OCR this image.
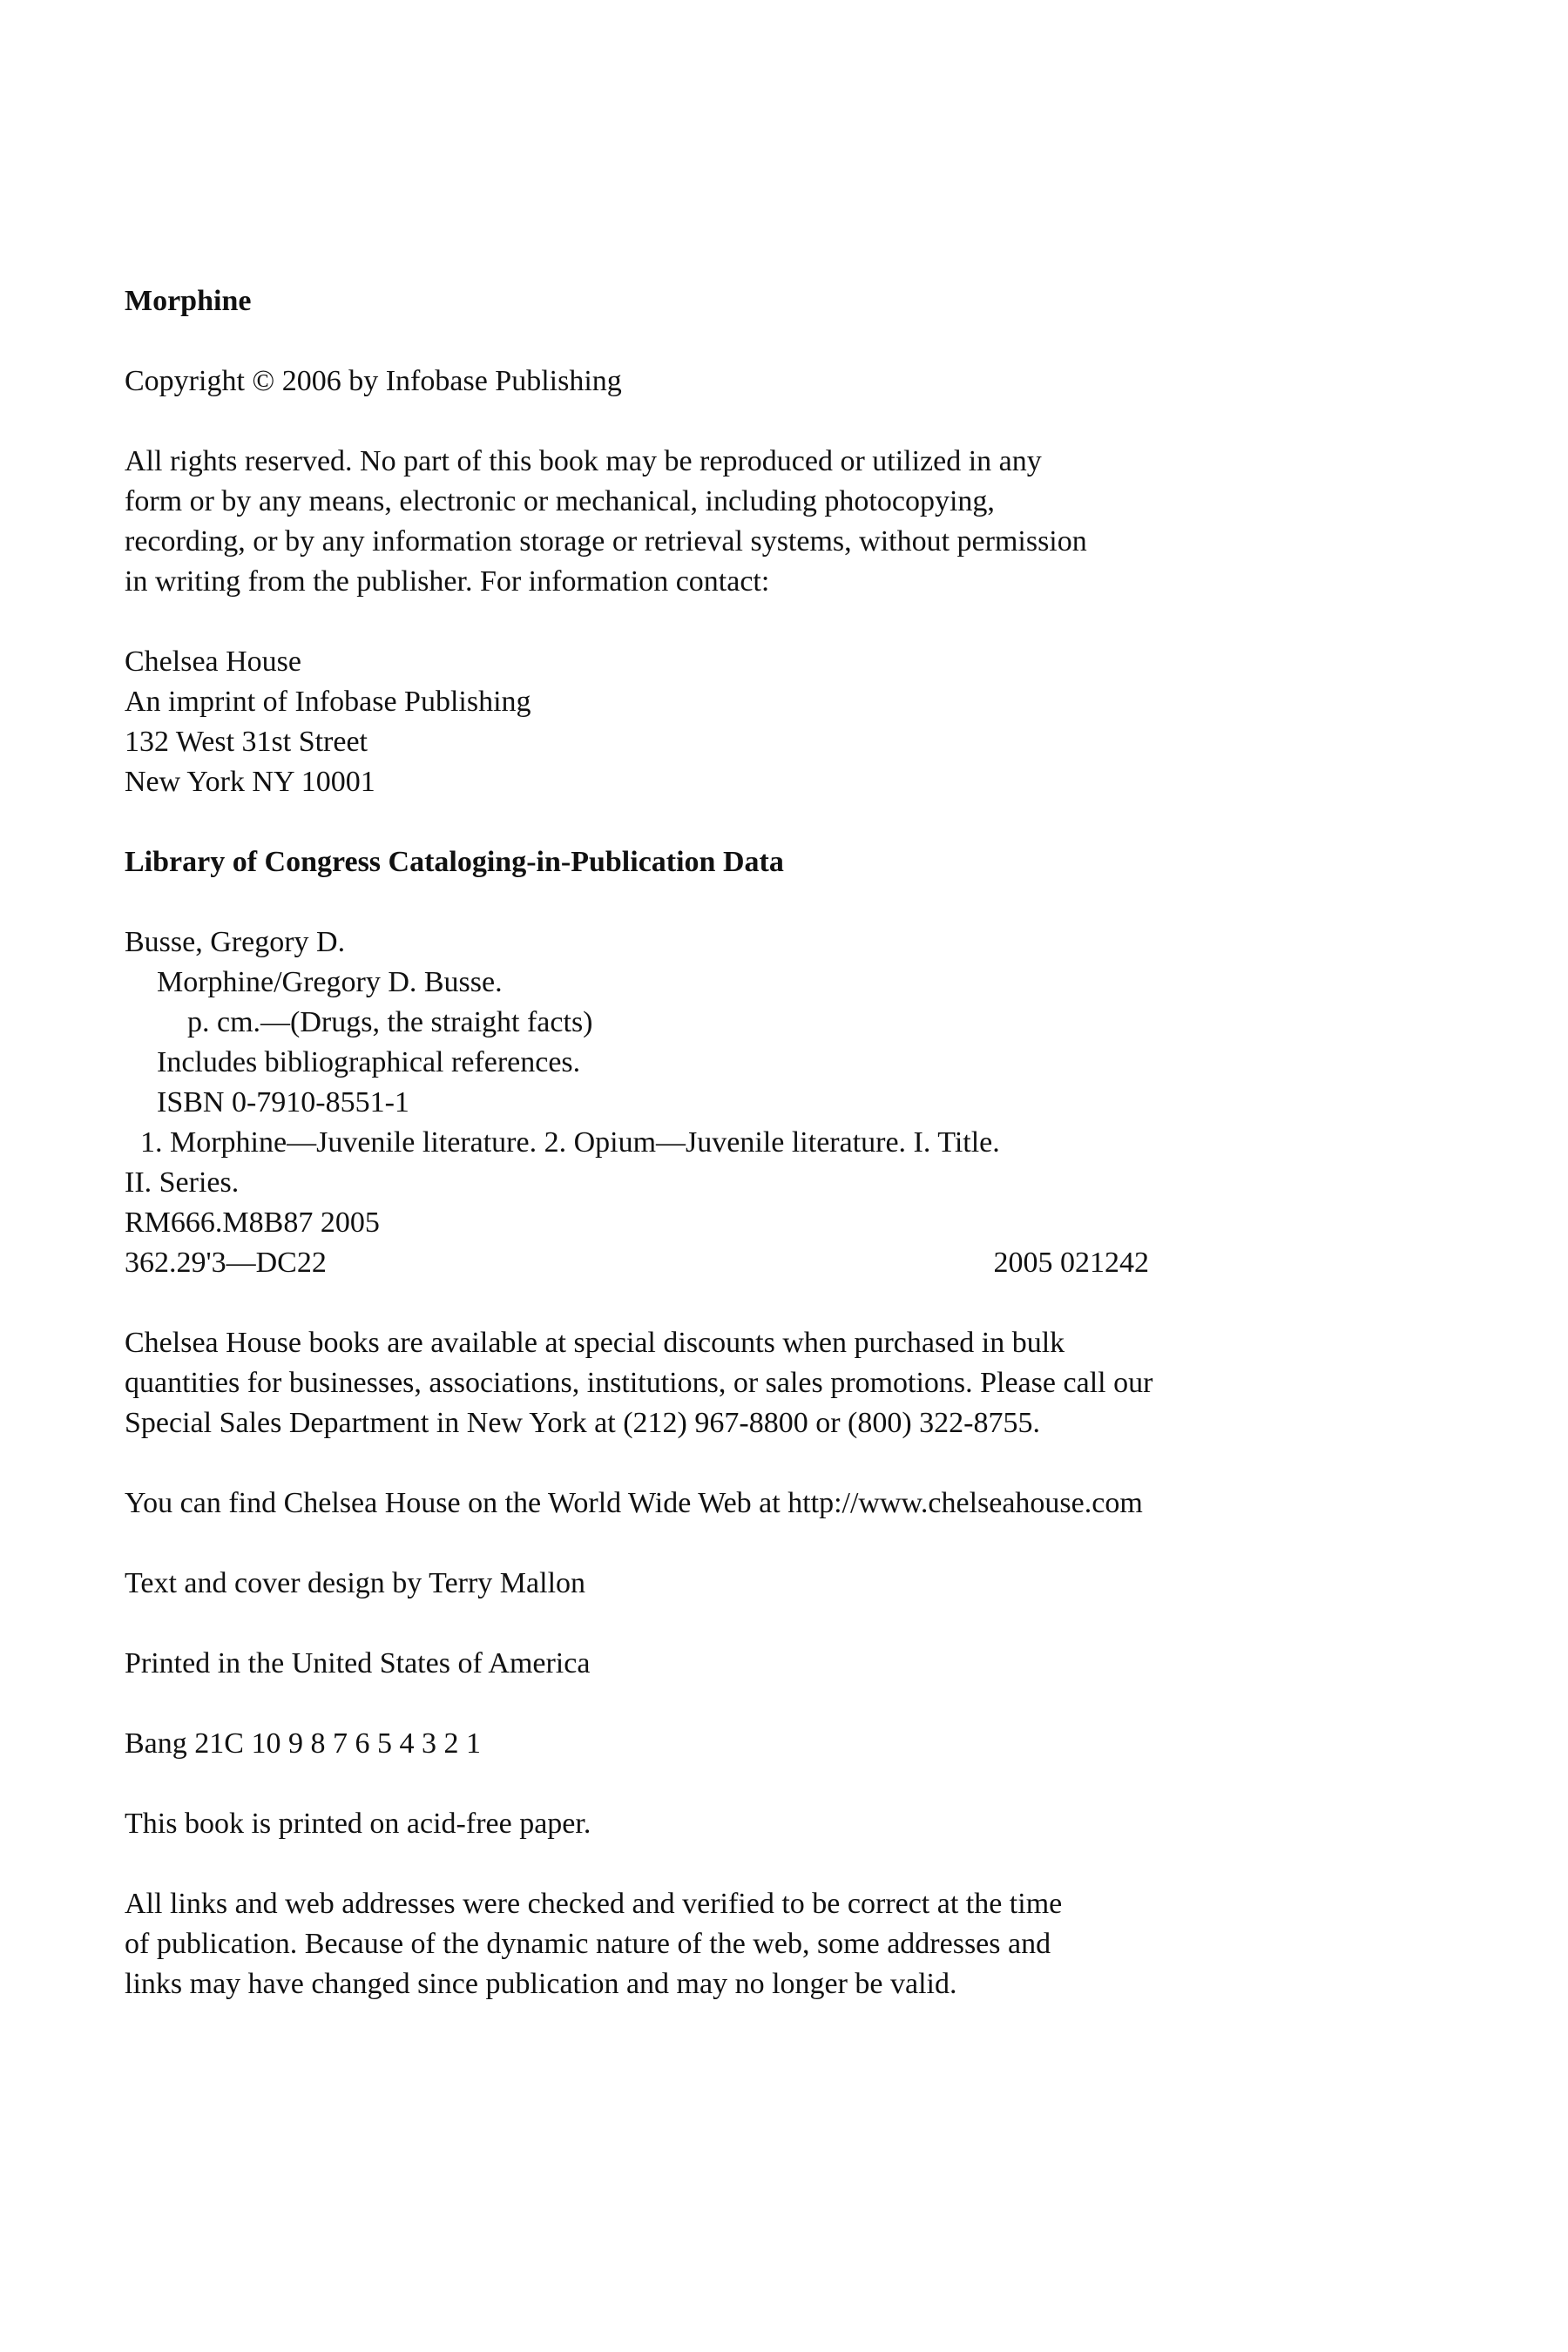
Morphine
Copyright © 2006 by Infobase Publishing
All rights reserved. No part of this book may be reproduced or utilized in any
form or by any means, electronic or mechanical, including photocopying,
recording, or by any information storage or retrieval systems, without permission
in writing from the publisher. For information contact:
Chelsea House
An imprint of Infobase Publishing
132 West 31st Street
New York NY 10001
Library of Congress Cataloging-in-Publication Data
Busse, Gregory D.
Morphine/Gregory D. Busse.
p. cm.—(Drugs, the straight facts)
Includes bibliographical references.
ISBN 0-7910-8551-1
1. Morphine—Juvenile literature. 2. Opium—Juvenile literature. I. Title.
II. Series.
RM666.M8B87 2005
362.29'3—DC22	2005 021242
Chelsea House books are available at special discounts when purchased in bulk
quantities for businesses, associations, institutions, or sales promotions. Please call our
Special Sales Department in New York at (212) 967-8800 or (800) 322-8755.
You can find Chelsea House on the World Wide Web at http://www.chelseahouse.com
Text and cover design by Terry Mallon
Printed in the United States of America
Bang 21C 10 9 8 7 6 5 4 3 2 1
This book is printed on acid-free paper.
All links and web addresses were checked and verified to be correct at the time
of publication. Because of the dynamic nature of the web, some addresses and
links may have changed since publication and may no longer be valid.
